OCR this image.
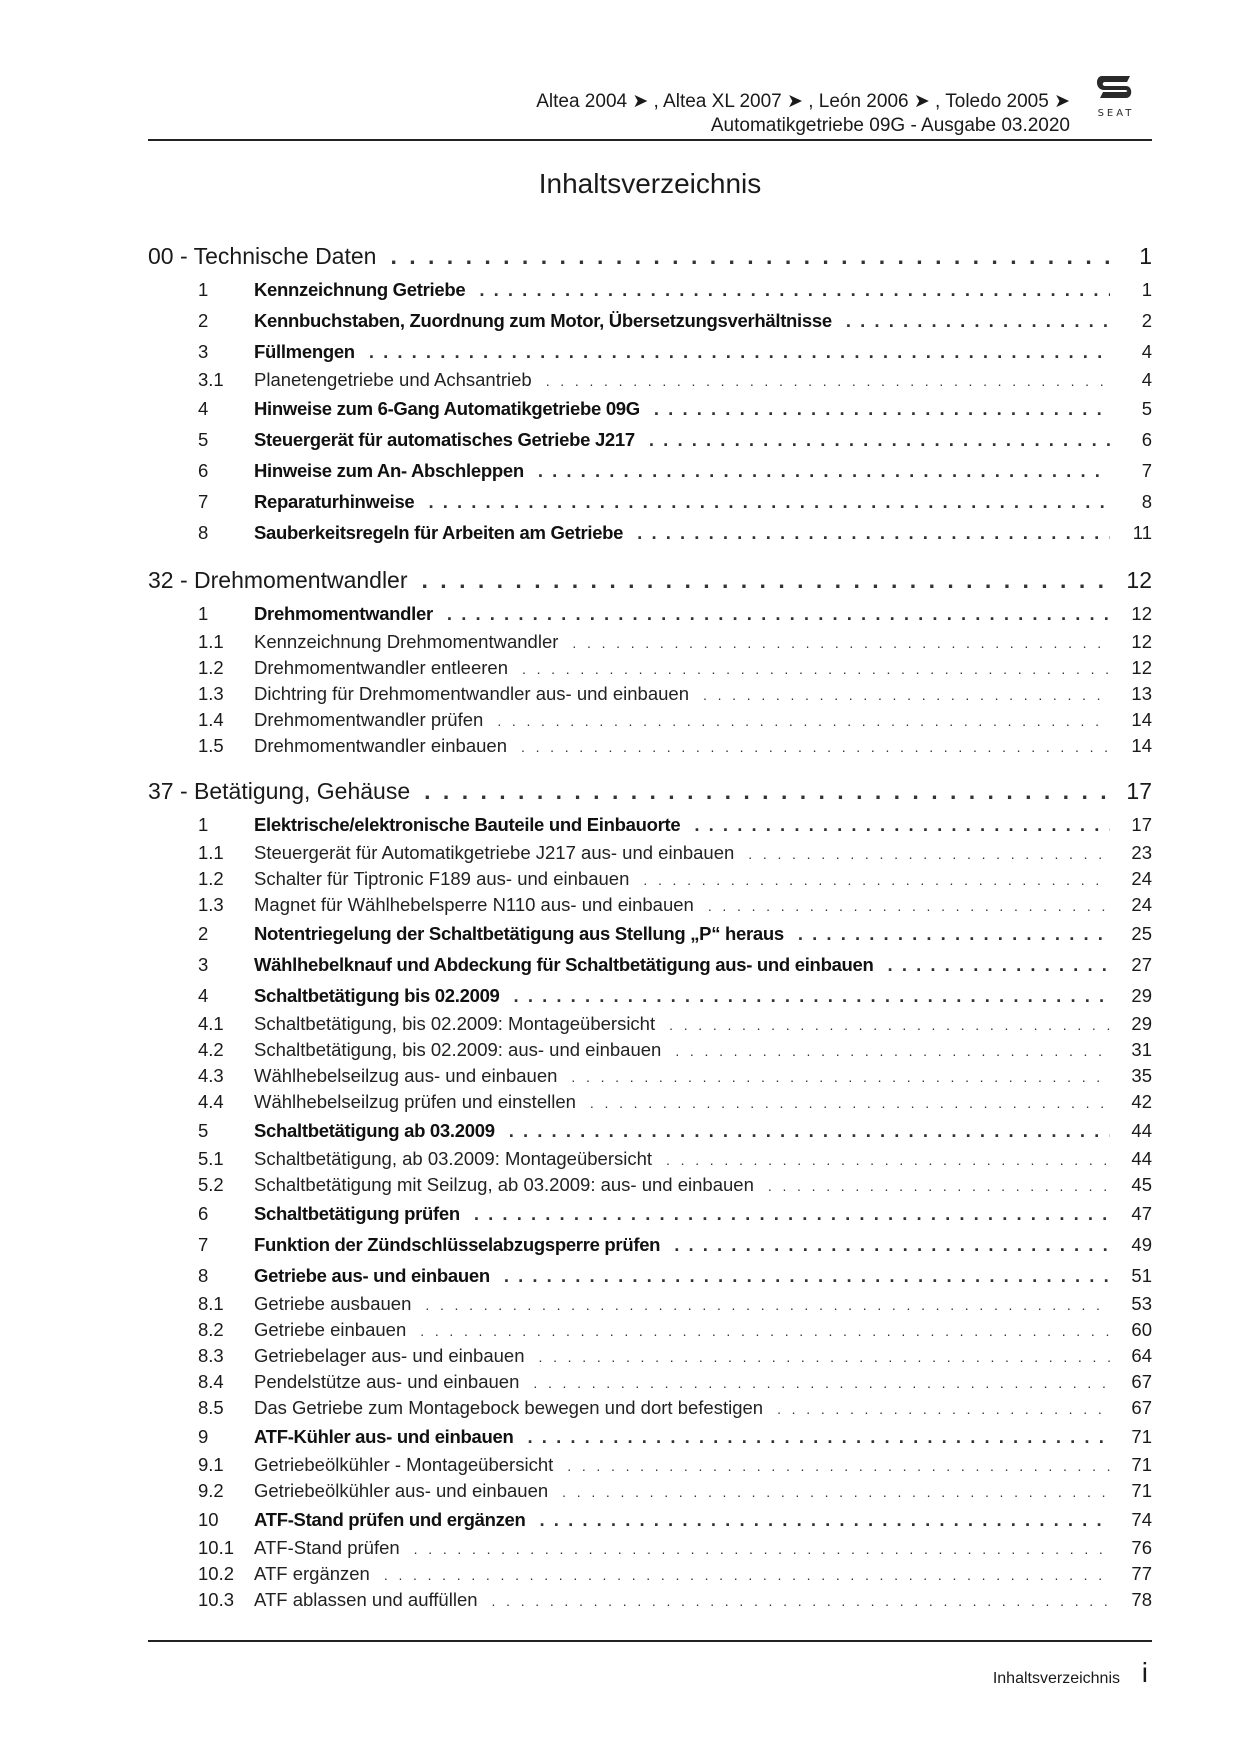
Altea 2004 ➤ , Altea XL 2007 ➤ , León 2006 ➤ , Toledo 2005 ➤
Automatikgetriebe 09G - Ausgabe 03.2020
SEAT
Inhaltsverzeichnis
00 - Technische Daten . . .	1
1	Kennzeichnung Getriebe . . .	1
2	Kennbuchstaben, Zuordnung zum Motor, Übersetzungsverhältnisse . . .	2
3	Füllmengen . . .	4
3.1	Planetengetriebe und Achsantrieb . . .	4
4	Hinweise zum 6-Gang Automatikgetriebe 09G . . .	5
5	Steuergerät für automatisches Getriebe J217 . . .	6
6	Hinweise zum An- Abschleppen . . .	7
7	Reparaturhinweise . . .	8
8	Sauberkeitsregeln für Arbeiten am Getriebe . . .	11
32 - Drehmomentwandler . . .	12
1	Drehmomentwandler . . .	12
1.1	Kennzeichnung Drehmomentwandler . . .	12
1.2	Drehmomentwandler entleeren . . .	12
1.3	Dichtring für Drehmomentwandler aus- und einbauen . . .	13
1.4	Drehmomentwandler prüfen . . .	14
1.5	Drehmomentwandler einbauen . . .	14
37 - Betätigung, Gehäuse . . .	17
1	Elektrische/elektronische Bauteile und Einbauorte . . .	17
1.1	Steuergerät für Automatikgetriebe J217 aus- und einbauen . . .	23
1.2	Schalter für Tiptronic F189 aus- und einbauen . . .	24
1.3	Magnet für Wählhebelsperre N110 aus- und einbauen . . .	24
2	Notentriegelung der Schaltbetätigung aus Stellung „P“ heraus . . .	25
3	Wählhebelknauf und Abdeckung für Schaltbetätigung aus- und einbauen . . .	27
4	Schaltbetätigung bis 02.2009 . . .	29
4.1	Schaltbetätigung, bis 02.2009: Montageübersicht . . .	29
4.2	Schaltbetätigung, bis 02.2009: aus- und einbauen . . .	31
4.3	Wählhebelseilzug aus- und einbauen . . .	35
4.4	Wählhebelseilzug prüfen und einstellen . . .	42
5	Schaltbetätigung ab 03.2009 . . .	44
5.1	Schaltbetätigung, ab 03.2009: Montageübersicht . . .	44
5.2	Schaltbetätigung mit Seilzug, ab 03.2009: aus- und einbauen . . .	45
6	Schaltbetätigung prüfen . . .	47
7	Funktion der Zündschlüsselabzugsperre prüfen . . .	49
8	Getriebe aus- und einbauen . . .	51
8.1	Getriebe ausbauen . . .	53
8.2	Getriebe einbauen . . .	60
8.3	Getriebelager aus- und einbauen . . .	64
8.4	Pendelstütze aus- und einbauen . . .	67
8.5	Das Getriebe zum Montagebock bewegen und dort befestigen . . .	67
9	ATF-Kühler aus- und einbauen . . .	71
9.1	Getriebeölkühler - Montageübersicht . . .	71
9.2	Getriebeölkühler aus- und einbauen . . .	71
10	ATF-Stand prüfen und ergänzen . . .	74
10.1	ATF-Stand prüfen . . .	76
10.2	ATF ergänzen . . .	77
10.3	ATF ablassen und auffüllen . . .	78
Inhaltsverzeichnis i
